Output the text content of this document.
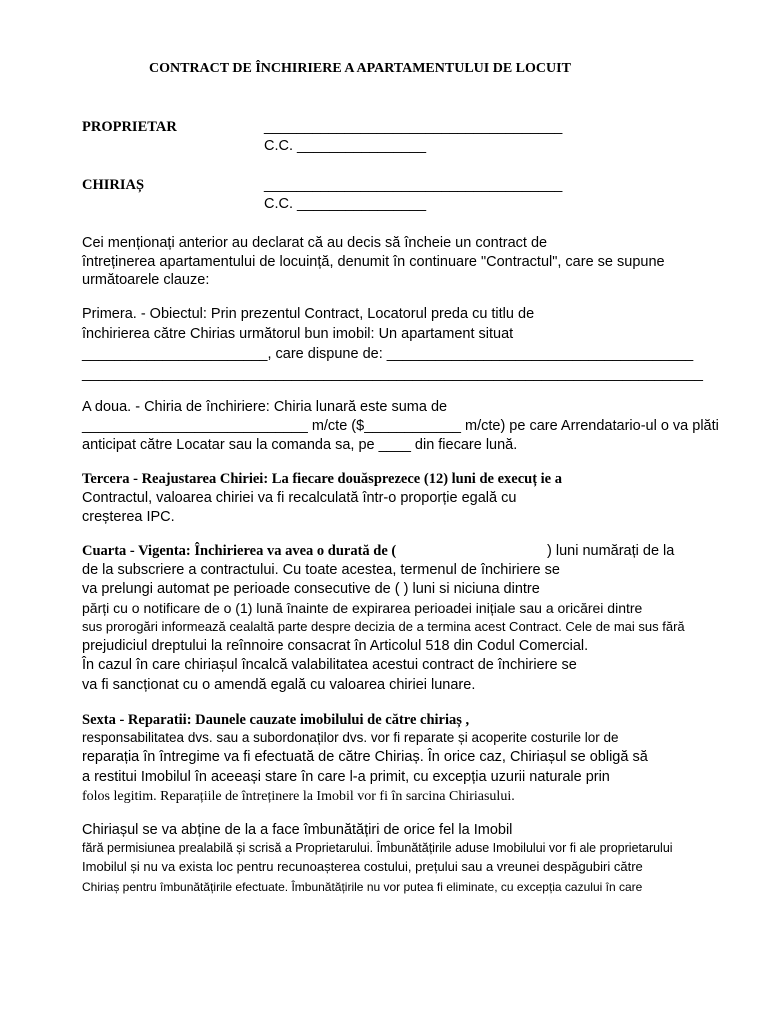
CONTRACT DE ÎNCHIRIERE A APARTAMENTULUI DE LOCUIT
PROPRIETAR	_____________________________________
C.C. ________________
CHIRIAȘ	_____________________________________
C.C. ________________
Cei menționați anterior au declarat că au decis să încheie un contract de
întreținerea apartamentului de locuință, denumit în continuare "Contractul", care se supune
următoarele clauze:
Primera. - Obiectul: Prin prezentul Contract, Locatorul preda cu titlu de
închirierea către Chirias următorul bun imobil: Un apartament situat
_______________________, care dispune de: ______________________________________
_____________________________________________________________________________
A doua. - Chiria de închiriere: Chiria lunară este suma de
____________________________ m/cte ($____________ m/cte) pe care Arrendatario-ul o va plăti
anticipat către Locatar sau la comanda sa, pe ____ din fiecare lună.
Tercera - Reajustarea Chiriei: La fiecare douăsprezece (12) luni de execuț ie a
Contractul, valoarea chiriei va fi recalculată într-o proporție egală cu
creșterea IPC.
Cuarta - Vigenta: Închirierea va avea o durată de (	) luni numărați de la
de la subscriere a contractului. Cu toate acestea, termenul de închiriere se
va prelungi automat pe perioade consecutive de ( ) luni si niciuna dintre
părți cu o notificare de o (1) lună înainte de expirarea perioadei inițiale sau a oricărei dintre
sus prorogări informează cealaltă parte despre decizia de a termina acest Contract. Cele de mai sus fără
prejudiciul dreptului la reînnoire consacrat în Articolul 518 din Codul Comercial.
În cazul în care chiriașul încalcă valabilitatea acestui contract de închiriere se
va fi sancționat cu o amendă egală cu valoarea chiriei lunare.
Sexta - Reparatii: Daunele cauzate imobilului de către chiriaș ,
responsabilitatea dvs. sau a subordonaților dvs. vor fi reparate și acoperite costurile lor de
reparația în întregime va fi efectuată de către Chiriaș. În orice caz, Chiriașul se obligă să
a restitui Imobilul în aceeași stare în care l-a primit, cu excepția uzurii naturale prin
folos legitim. Reparațiile de întreținere la Imobil vor fi în sarcina Chiriasului.
Chiriașul se va abține de la a face îmbunătățiri de orice fel la Imobil
fără permisiunea prealabilă și scrisă a Proprietarului. Îmbunătățirile aduse Imobilului vor fi ale proprietarului
Imobilul și nu va exista loc pentru recunoașterea costului, prețului sau a vreunei despăgubiri către
Chiriaș pentru îmbunătățirile efectuate. Îmbunătățirile nu vor putea fi eliminate, cu excepția cazului în care
